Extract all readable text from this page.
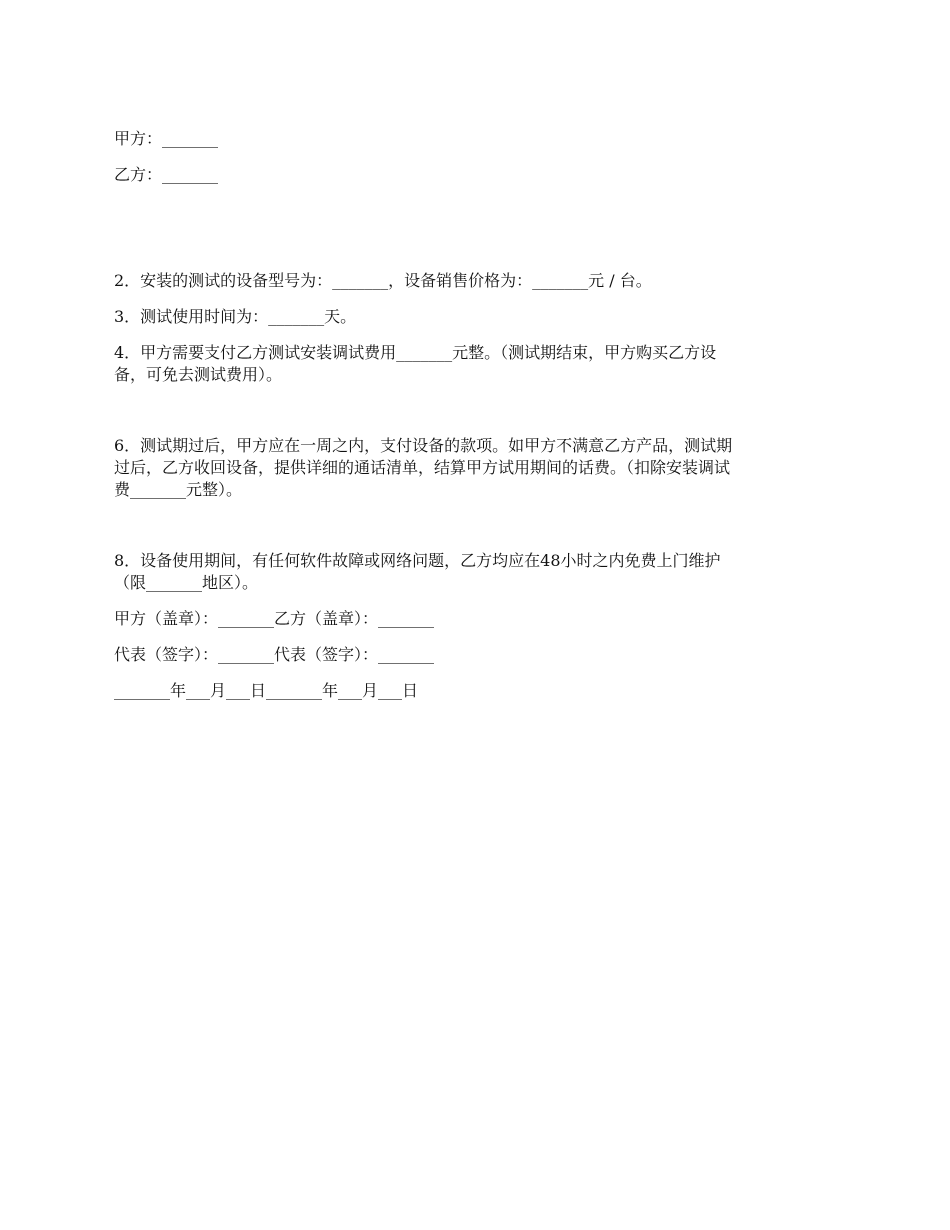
甲方：_______

乙方：_______

2．安装的测试的设备型号为：_______，设备销售价格为：_______元 / 台。

3．测试使用时间为：_______天。

4．甲方需要支付乙方测试安装调试费用_______元整。（测试期结束，甲方购买乙方设

备，可免去测试费用）。

6．测试期过后，甲方应在一周之内，支付设备的款项。如甲方不满意乙方产品，测试期

过后，乙方收回设备，提供详细的通话清单，结算甲方试用期间的话费。（扣除安装调试

费_______元整）。

8．设备使用期间，有任何软件故障或网络问题，乙方均应在48小时之内免费上门维护

（限_______地区）。

甲方（盖章）：_______乙方（盖章）：_______

代表（签字）：_______代表（签字）：_______

_______年___月___日_______年___月___日
